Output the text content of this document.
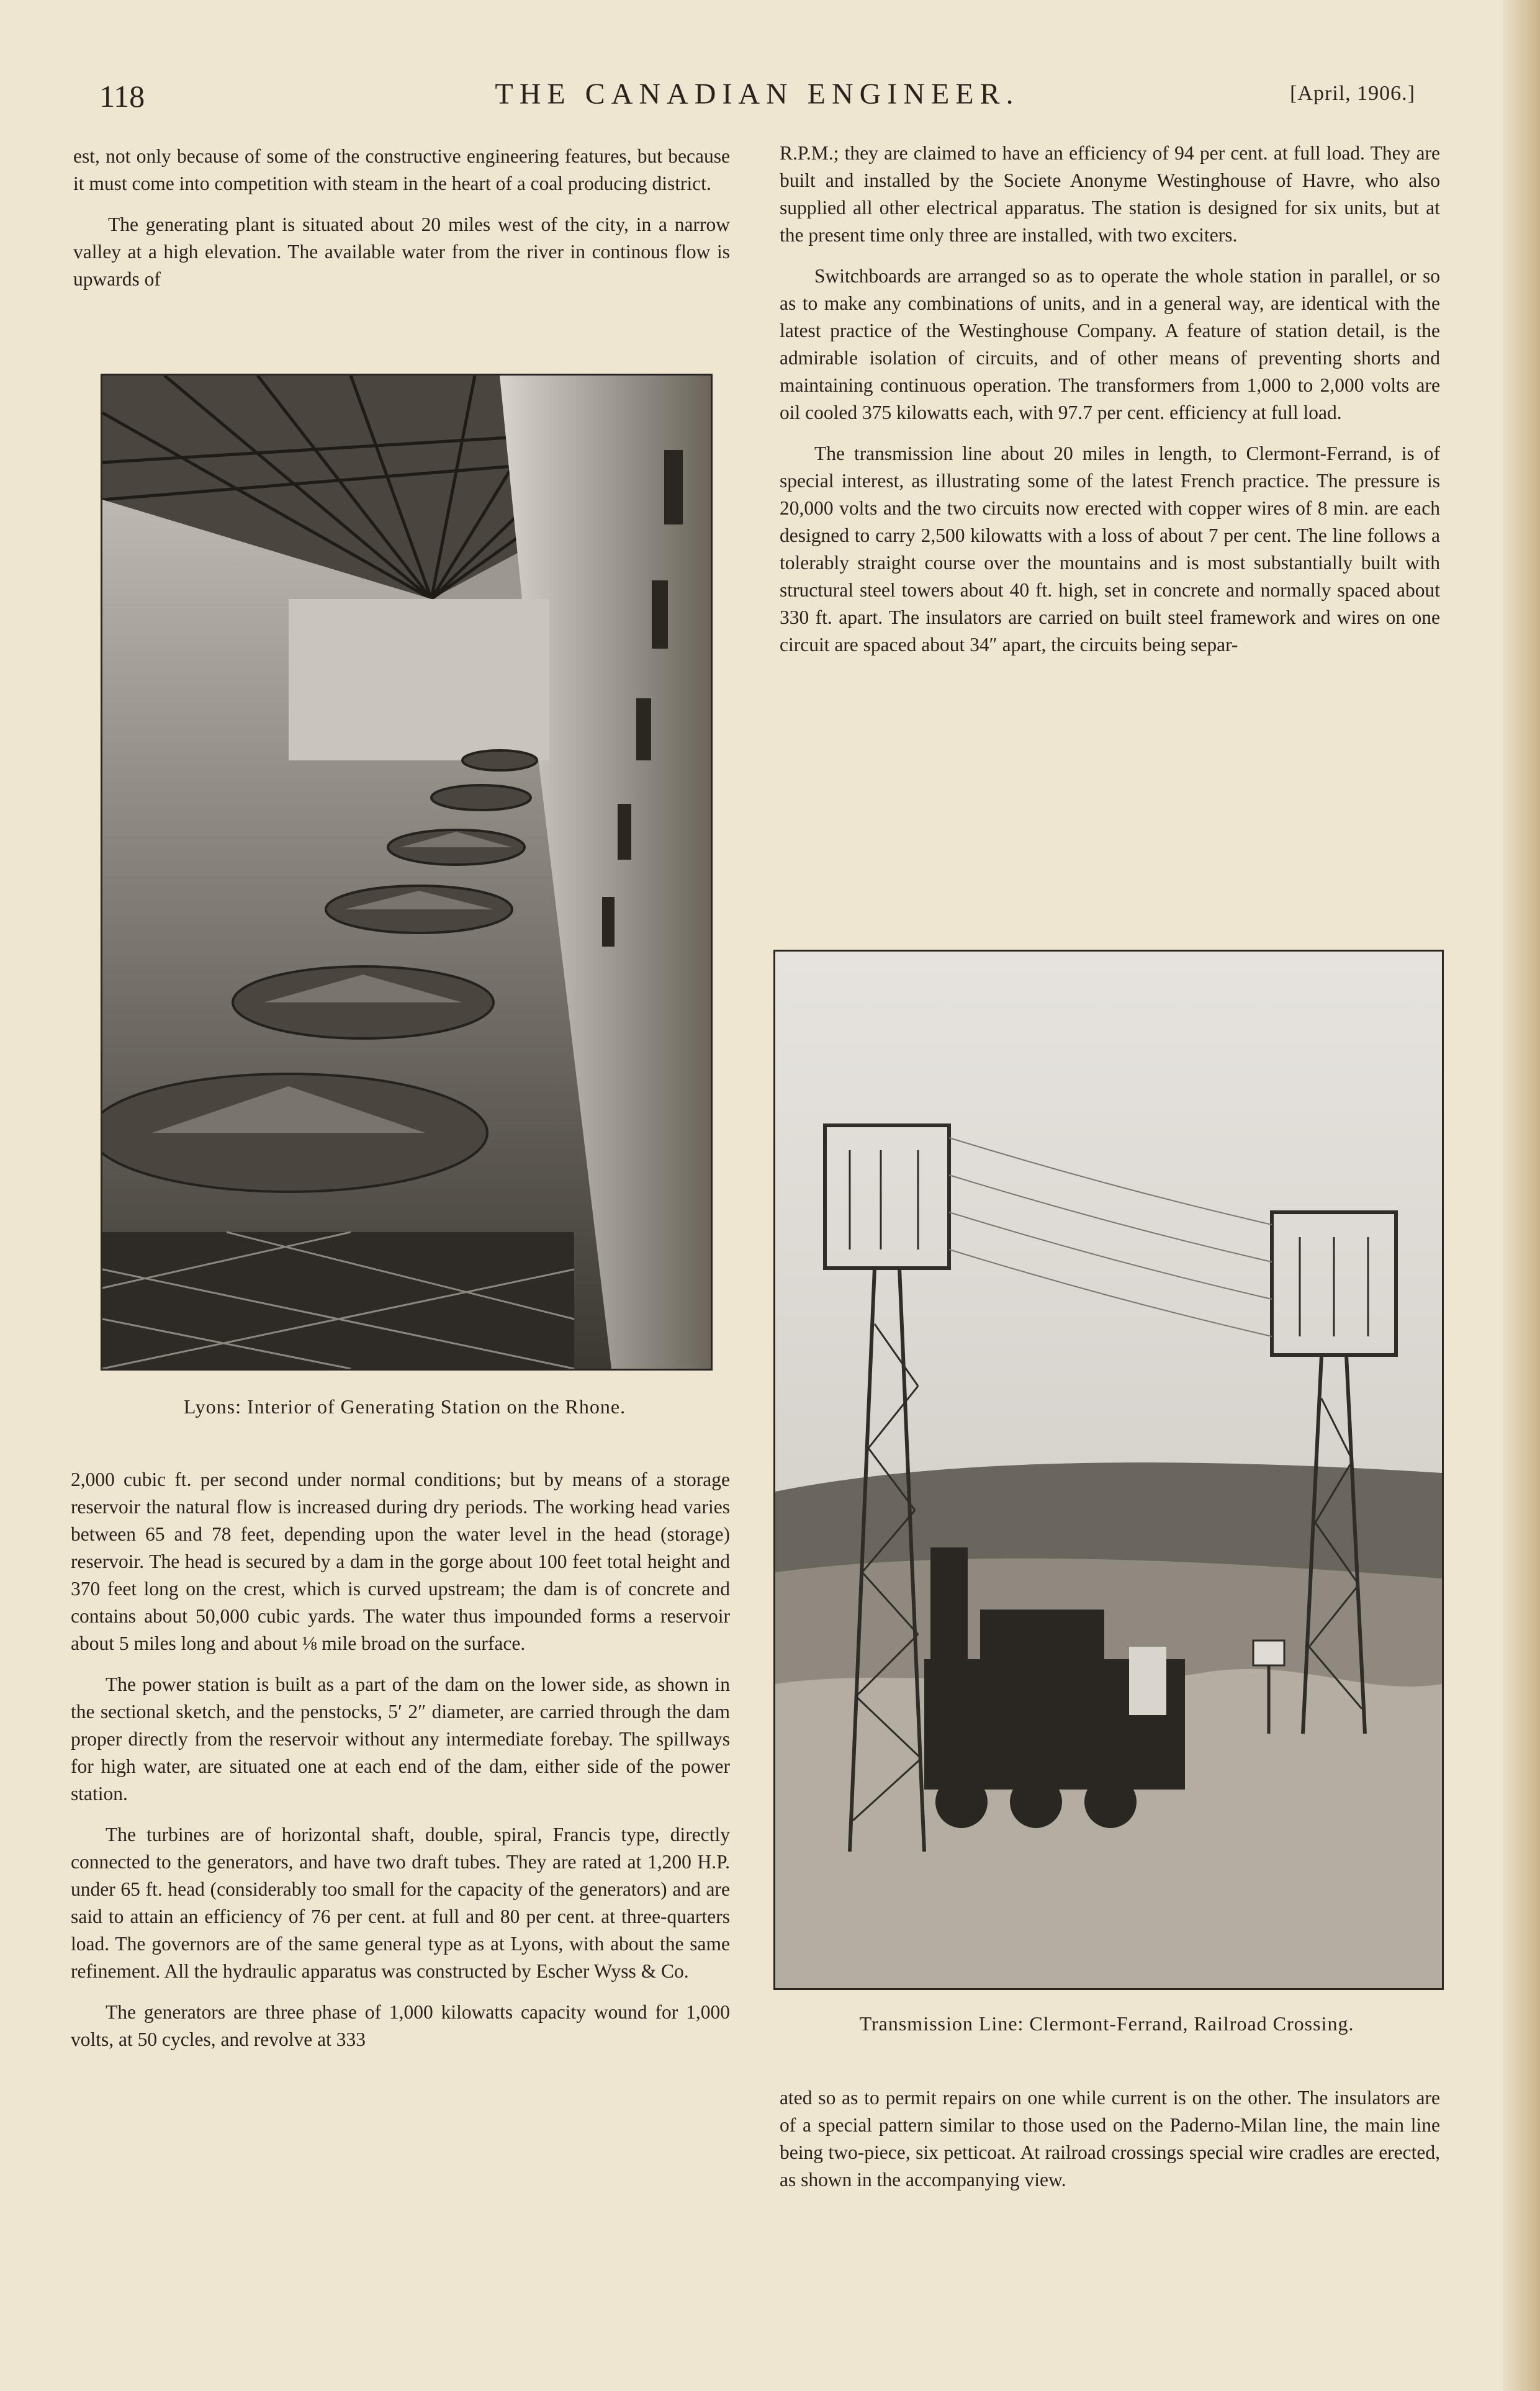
118	THE CANADIAN ENGINEER.	[April, 1906.]

est, not only because of some of the constructive engineering features, but because it must come into competition with steam in the heart of a coal producing district.

The generating plant is situated about 20 miles west of the city, in a narrow valley at a high elevation. The available water from the river in continous flow is upwards of

Lyons: Interior of Generating Station on the Rhone.

2,000 cubic ft. per second under normal conditions; but by means of a storage reservoir the natural flow is increased during dry periods. The working head varies between 65 and 78 feet, depending upon the water level in the head (storage) reservoir. The head is secured by a dam in the gorge about 100 feet total height and 370 feet long on the crest, which is curved upstream; the dam is of concrete and contains about 50,000 cubic yards. The water thus impounded forms a reservoir about 5 miles long and about ⅛ mile broad on the surface.

The power station is built as a part of the dam on the lower side, as shown in the sectional sketch, and the penstocks, 5′ 2″ diameter, are carried through the dam proper directly from the reservoir without any intermediate forebay. The spillways for high water, are situated one at each end of the dam, either side of the power station.

The turbines are of horizontal shaft, double, spiral, Francis type, directly connected to the generators, and have two draft tubes. They are rated at 1,200 H.P. under 65 ft. head (considerably too small for the capacity of the generators) and are said to attain an efficiency of 76 per cent. at full and 80 per cent. at three-quarters load. The governors are of the same general type as at Lyons, with about the same refinement. All the hydraulic apparatus was constructed by Escher Wyss & Co.

The generators are three phase of 1,000 kilowatts capacity wound for 1,000 volts, at 50 cycles, and revolve at 333

R.P.M.; they are claimed to have an efficiency of 94 per cent. at full load. They are built and installed by the Societe Anonyme Westinghouse of Havre, who also supplied all other electrical apparatus. The station is designed for six units, but at the present time only three are installed, with two exciters.

Switchboards are arranged so as to operate the whole station in parallel, or so as to make any combinations of units, and in a general way, are identical with the latest practice of the Westinghouse Company. A feature of station detail, is the admirable isolation of circuits, and of other means of preventing shorts and maintaining continuous operation. The transformers from 1,000 to 2,000 volts are oil cooled 375 kilowatts each, with 97.7 per cent. efficiency at full load.

The transmission line about 20 miles in length, to Clermont-Ferrand, is of special interest, as illustrating some of the latest French practice. The pressure is 20,000 volts and the two circuits now erected with copper wires of 8 min. are each designed to carry 2,500 kilowatts with a loss of about 7 per cent. The line follows a tolerably straight course over the mountains and is most substantially built with structural steel towers about 40 ft. high, set in concrete and normally spaced about 330 ft. apart. The insulators are carried on built steel framework and wires on one circuit are spaced about 34″ apart, the circuits being separ-

Transmission Line: Clermont-Ferrand, Railroad Crossing.

ated so as to permit repairs on one while current is on the other. The insulators are of a special pattern similar to those used on the Paderno-Milan line, the main line being two-piece, six petticoat. At railroad crossings special wire cradles are erected, as shown in the accompanying view.
